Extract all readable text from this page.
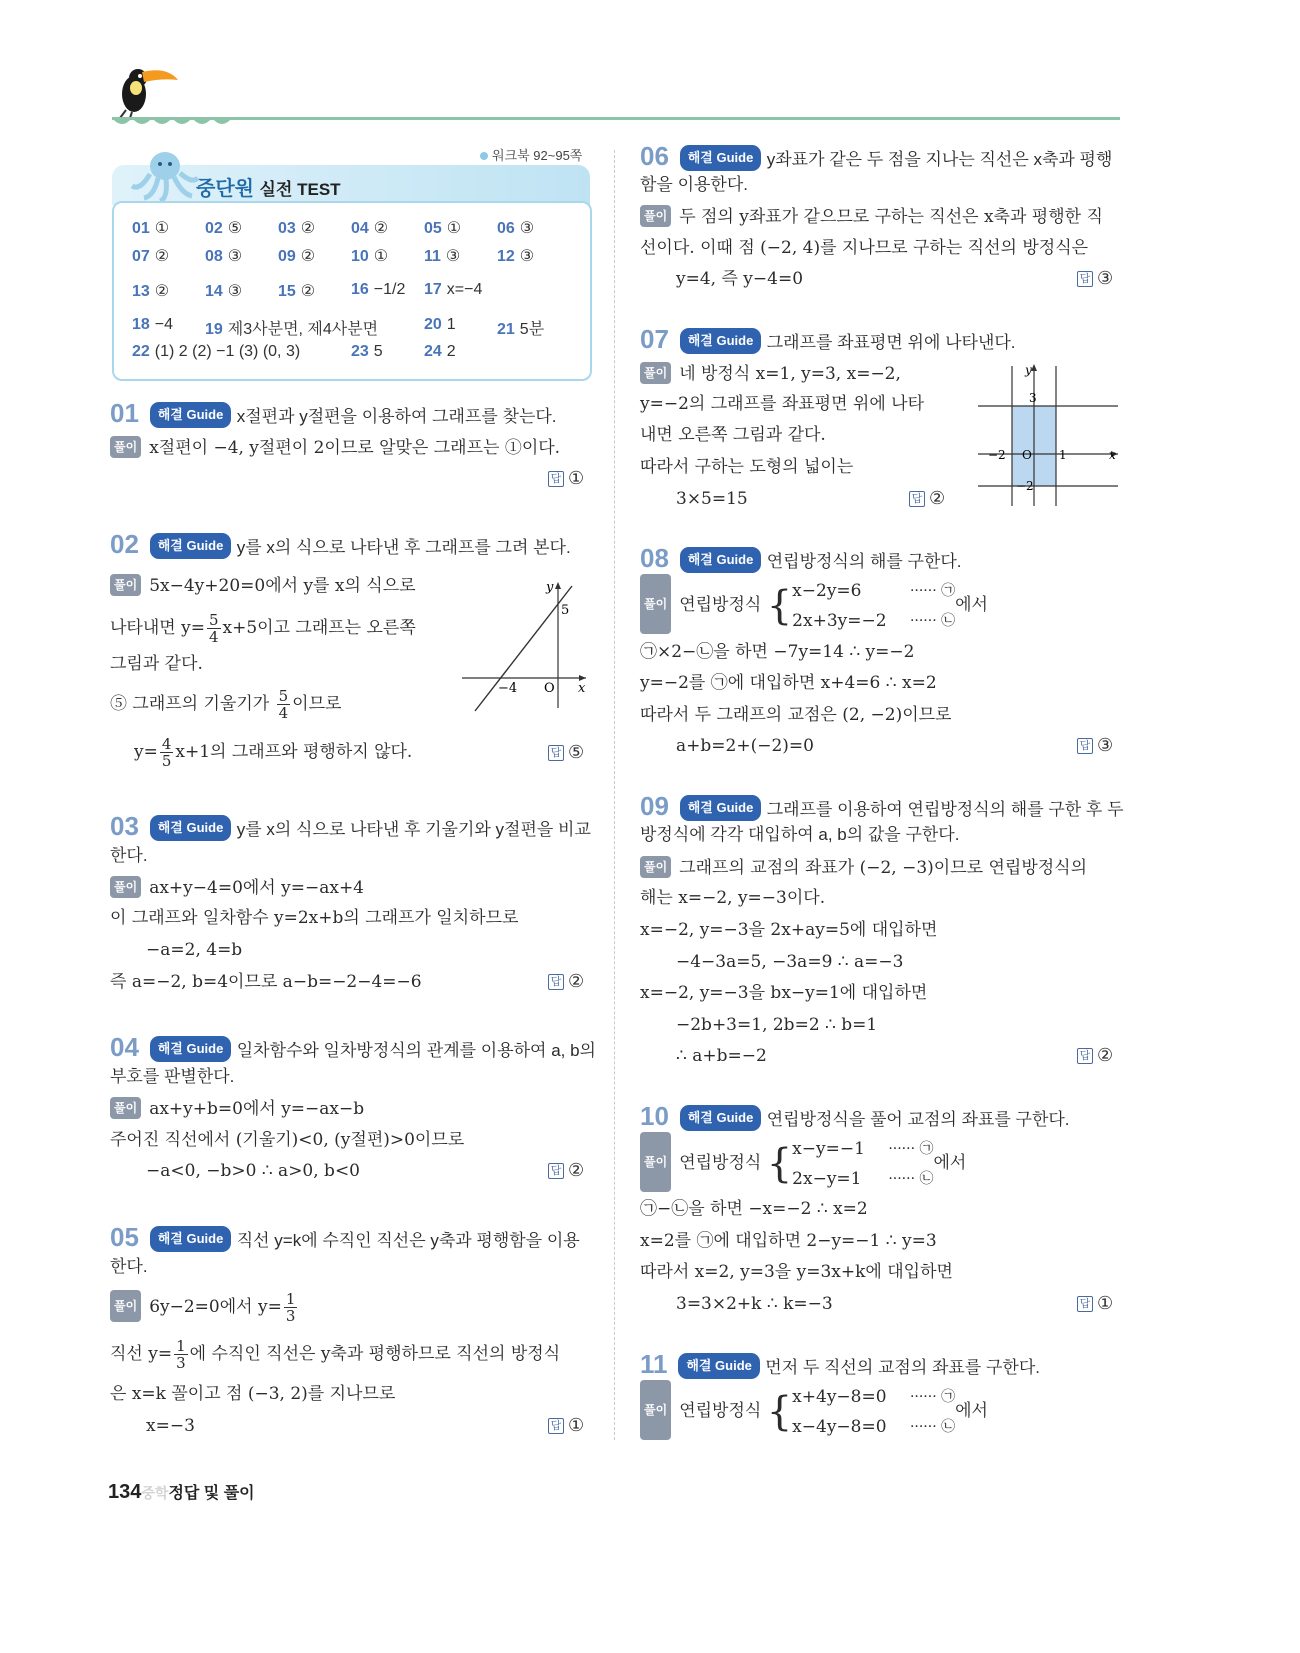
워크북 92~95쪽
중단원 실전 TEST
01 ① 02 ⑤ 03 ② 04 ② 05 ① 06 ③
07 ② 08 ③ 09 ② 10 ① 11 ③ 12 ③
13 ② 14 ③ 15 ② 16 −1/2 17 x=−4
18 −4 19 제3사분면, 제4사분면	20 1	21 5분
22 (1) 2 (2) −1 (3) (0, 3)	23 5	24 2
01 해결 Guide x절편과 y절편을 이용하여 그래프를 찾는다.
풀이 x절편이 −4, y절편이 2이므로 알맞은 그래프는 ①이다.
답 ①
02 해결 Guide y를 x의 식으로 나타낸 후 그래프를 그려 본다.
풀이 5x−4y+20=0에서 y를 x의 식으로
나타내면 $y= \frac{5}{4} x+5$이고 그래프는 오른쪽
그림과 같다.
⑤ 그래프의 기울기가 $\frac{5}{4}$ 이므로
$y= \frac{4}{5} x+1$의 그래프와 평행하지 않다.	답 ⑤
y
5
−4 O x
03 해결 Guide y를 x의 식으로 나타낸 후 기울기와 y절편을 비교
한다.
풀이 ax+y−4=0에서 y=−ax+4
이 그래프와 일차함수 y=2x+b의 그래프가 일치하므로
−a=2, 4=b
즉 a=−2, b=4이므로 a−b=−2−4=−6	답 ②
04 해결 Guide 일차함수와 일차방정식의 관계를 이용하여 a, b의
부호를 판별한다.
풀이 ax+y+b=0에서 y=−ax−b
주어진 직선에서 (기울기)<0, (y절편)>0이므로
−a<0, −b>0 ∴ a>0, b<0	답 ②
05 해결 Guide 직선 y=k에 수직인 직선은 y축과 평행함을 이용
한다.
풀이 6y−2=0에서 $y= \frac{1}{3}$
직선 $y= \frac{1}{3}$ 에 수직인 직선은 y축과 평행하므로 직선의 방정식
은 x=k 꼴이고 점 (−3, 2)를 지나므로
x=−3	답 ①
06 해결 Guide y좌표가 같은 두 점을 지나는 직선은 x축과 평행
함을 이용한다.
풀이 두 점의 y좌표가 같으므로 구하는 직선은 x축과 평행한 직
선이다. 이때 점 (−2, 4)를 지나므로 구하는 직선의 방정식은
y=4, 즉 y−4=0	답 ③
07 해결 Guide 그래프를 좌표평면 위에 나타낸다.
풀이 네 방정식 x=1, y=3, x=−2,
y=−2의 그래프를 좌표평면 위에 나타
내면 오른쪽 그림과 같다.
따라서 구하는 도형의 넓이는
3×5=15	답 ②
y
3
−2 O 1	x
−2
08 해결 Guide 연립방정식의 해를 구한다.
풀이 연립방정식 {x−2y=6
2x+3y=−2 ······ ㉠
······ ㉡에서
㉠×2−㉡을 하면 −7y=14 ∴ y=−2
y=−2를 ㉠에 대입하면 x+4=6 ∴ x=2
따라서 두 그래프의 교점은 (2, −2)이므로
a+b=2+(−2)=0	답 ③
09 해결 Guide 그래프를 이용하여 연립방정식의 해를 구한 후 두
방정식에 각각 대입하여 a, b의 값을 구한다.
풀이 그래프의 교점의 좌표가 (−2, −3)이므로 연립방정식의
해는 x=−2, y=−3이다.
x=−2, y=−3을 2x+ay=5에 대입하면
−4−3a=5, −3a=9 ∴ a=−3
x=−2, y=−3을 bx−y=1에 대입하면
−2b+3=1, 2b=2 ∴ b=1
∴ a+b=−2	답 ②
10 해결 Guide 연립방정식을 풀어 교점의 좌표를 구한다.
풀이 연립방정식 {x−y=−1
2x−y=1 ······ ㉠
······ ㉡에서
㉠−㉡을 하면 −x=−2 ∴ x=2
x=2를 ㉠에 대입하면 2−y=−1 ∴ y=3
따라서 x=2, y=3을 y=3x+k에 대입하면
3=3×2+k ∴ k=−3	답 ①
11 해결 Guide 먼저 두 직선의 교점의 좌표를 구한다.
풀이 연립방정식 {x+4y−8=0
x−4y−8=0 ······ ㉠
······ ㉡에서
134중학정답 및 풀이
